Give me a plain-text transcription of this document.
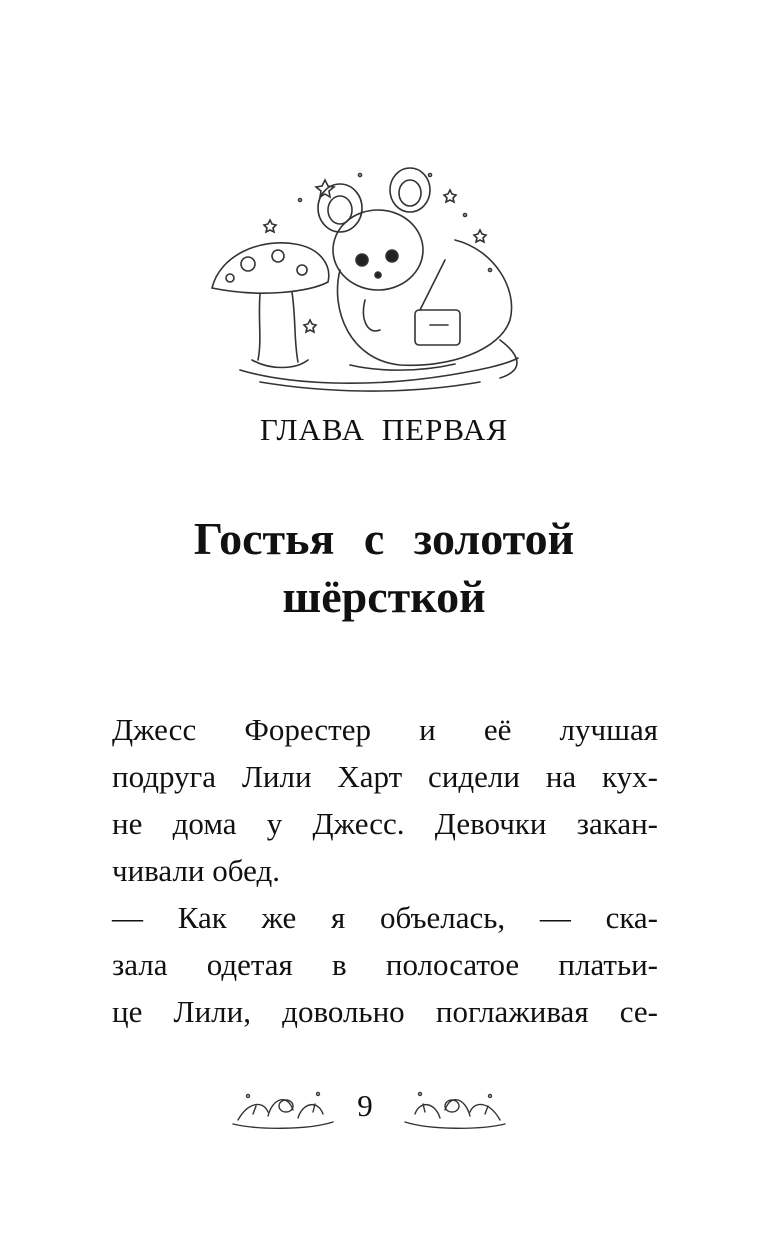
ГЛАВА ПЕРВАЯ
Гостья с золотой
шёрсткой
Джесс Форестер и её лучшая
подруга Лили Харт сидели на кух-
не дома у Джесс. Девочки закан-
чивали обед.
— Как же я объелась, — ска-
зала одетая в полосатое платьи-
це Лили, довольно поглаживая се-
9
